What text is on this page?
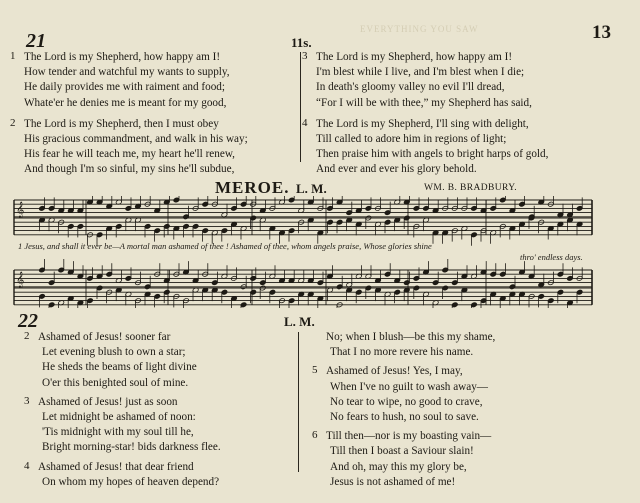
21	11s.
EVERYTHING YOU SAW	13
1 The Lord is my Shepherd, how happy am I!
How tender and watchful my wants to supply,
He daily provides me with raiment and food;
Whate'er he denies me is meant for my good,
2 The Lord is my Shepherd, then I must obey
His gracious commandment, and walk in his way;
His fear he will teach me, my heart he'll renew,
And though I'm so sinful, my sins he'll subdue,
3 The Lord is my Shepherd, how happy am I!
I'm blest while I live, and I'm blest when I die;
In death's gloomy valley no evil I'll dread,
“For I will be with thee,” my Shepherd has said,
4 The Lord is my Shepherd, I'll sing with delight,
Till called to adore him in regions of light;
Then praise him with angels to bright harps of gold,
And ever and ever his glory behold.
MEROE. L. M.	WM. B. BRADBURY.
𝄞
𝄞
1 Jesus, and shall it ever be—A mortal man ashamed of thee ! Ashamed of thee, whom angels praise, Whose glories shine
thro' endless days.
22	L. M.
2 Ashamed of Jesus! sooner far
Let evening blush to own a star;
He sheds the beams of light divine
O'er this benighted soul of mine.
3 Ashamed of Jesus! just as soon
Let midnight be ashamed of noon:
'Tis midnight with my soul till he,
Bright morning-star! bids darkness flee.
4 Ashamed of Jesus! that dear friend
On whom my hopes of heaven depend?
No; when I blush—be this my shame,
That I no more revere his name.
5 Ashamed of Jesus! Yes, I may,
When I've no guilt to wash away—
No tear to wipe, no good to crave,
No fears to hush, no soul to save.
6 Till then—nor is my boasting vain—
Till then I boast a Saviour slain!
And oh, may this my glory be,
Jesus is not ashamed of me!
